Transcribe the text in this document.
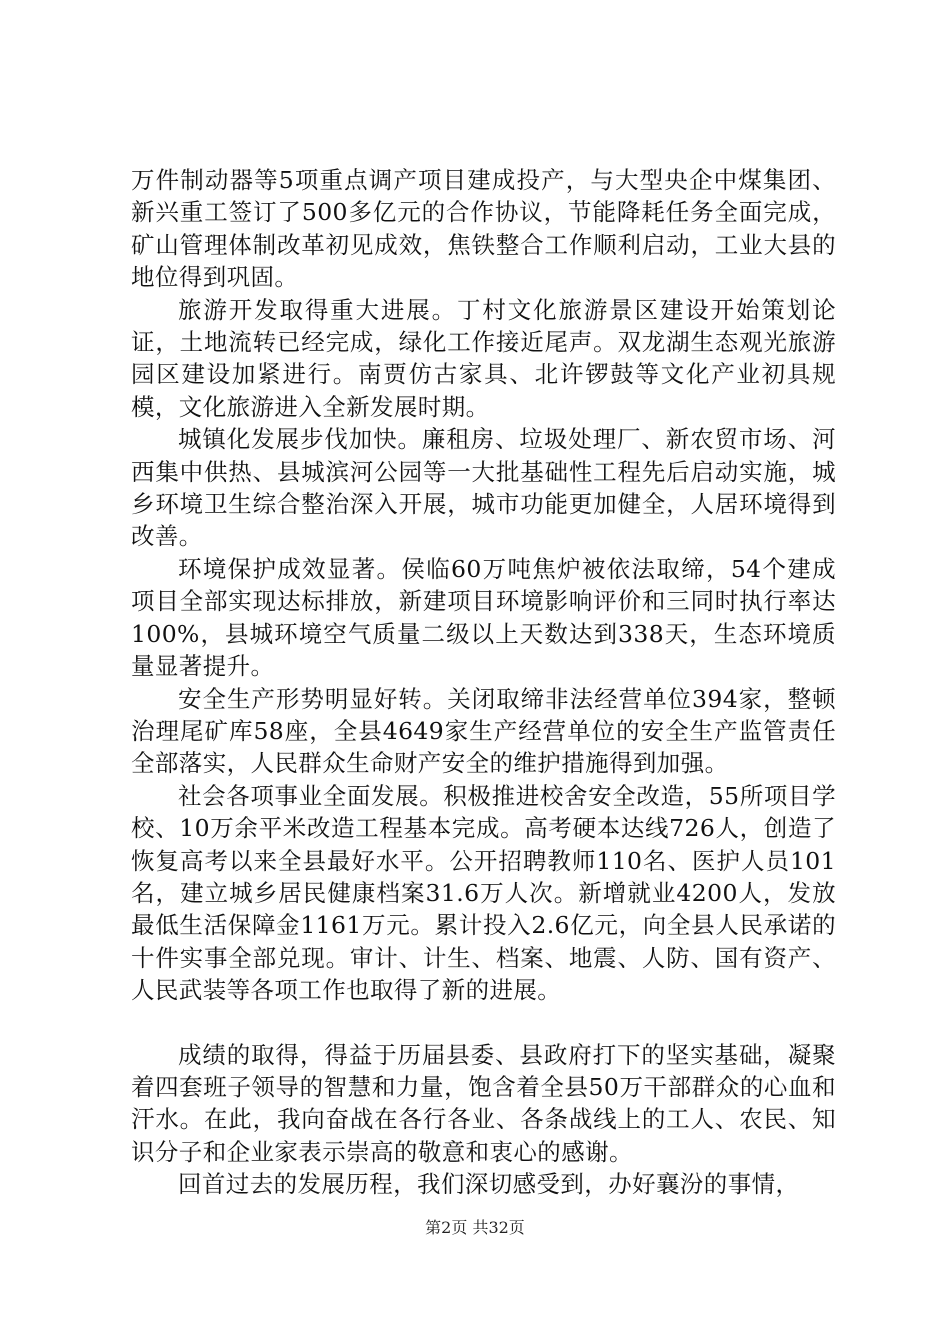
万件制动器等5项重点调产项目建成投产，与大型央企中煤集团、新兴重工签订了500多亿元的合作协议，节能降耗任务全面完成，矿山管理体制改革初见成效，焦铁整合工作顺利启动，工业大县的地位得到巩固。

旅游开发取得重大进展。丁村文化旅游景区建设开始策划论证，土地流转已经完成，绿化工作接近尾声。双龙湖生态观光旅游园区建设加紧进行。南贾仿古家具、北许锣鼓等文化产业初具规模，文化旅游进入全新发展时期。

城镇化发展步伐加快。廉租房、垃圾处理厂、新农贸市场、河西集中供热、县城滨河公园等一大批基础性工程先后启动实施，城乡环境卫生综合整治深入开展，城市功能更加健全，人居环境得到改善。

环境保护成效显著。侯临60万吨焦炉被依法取缔，54个建成项目全部实现达标排放，新建项目环境影响评价和三同时执行率达100%，县城环境空气质量二级以上天数达到338天，生态环境质量显著提升。

安全生产形势明显好转。关闭取缔非法经营单位394家，整顿治理尾矿库58座，全县4649家生产经营单位的安全生产监管责任全部落实，人民群众生命财产安全的维护措施得到加强。

社会各项事业全面发展。积极推进校舍安全改造，55所项目学校、10万余平米改造工程基本完成。高考硬本达线726人，创造了恢复高考以来全县最好水平。公开招聘教师110名、医护人员101名，建立城乡居民健康档案31.6万人次。新增就业4200人，发放最低生活保障金1161万元。累计投入2.6亿元，向全县人民承诺的十件实事全部兑现。审计、计生、档案、地震、人防、国有资产、人民武装等各项工作也取得了新的进展。

成绩的取得，得益于历届县委、县政府打下的坚实基础，凝聚着四套班子领导的智慧和力量，饱含着全县50万干部群众的心血和汗水。在此，我向奋战在各行各业、各条战线上的工人、农民、知识分子和企业家表示崇高的敬意和衷心的感谢。

回首过去的发展历程，我们深切感受到，办好襄汾的事情，

第2页 共32页
